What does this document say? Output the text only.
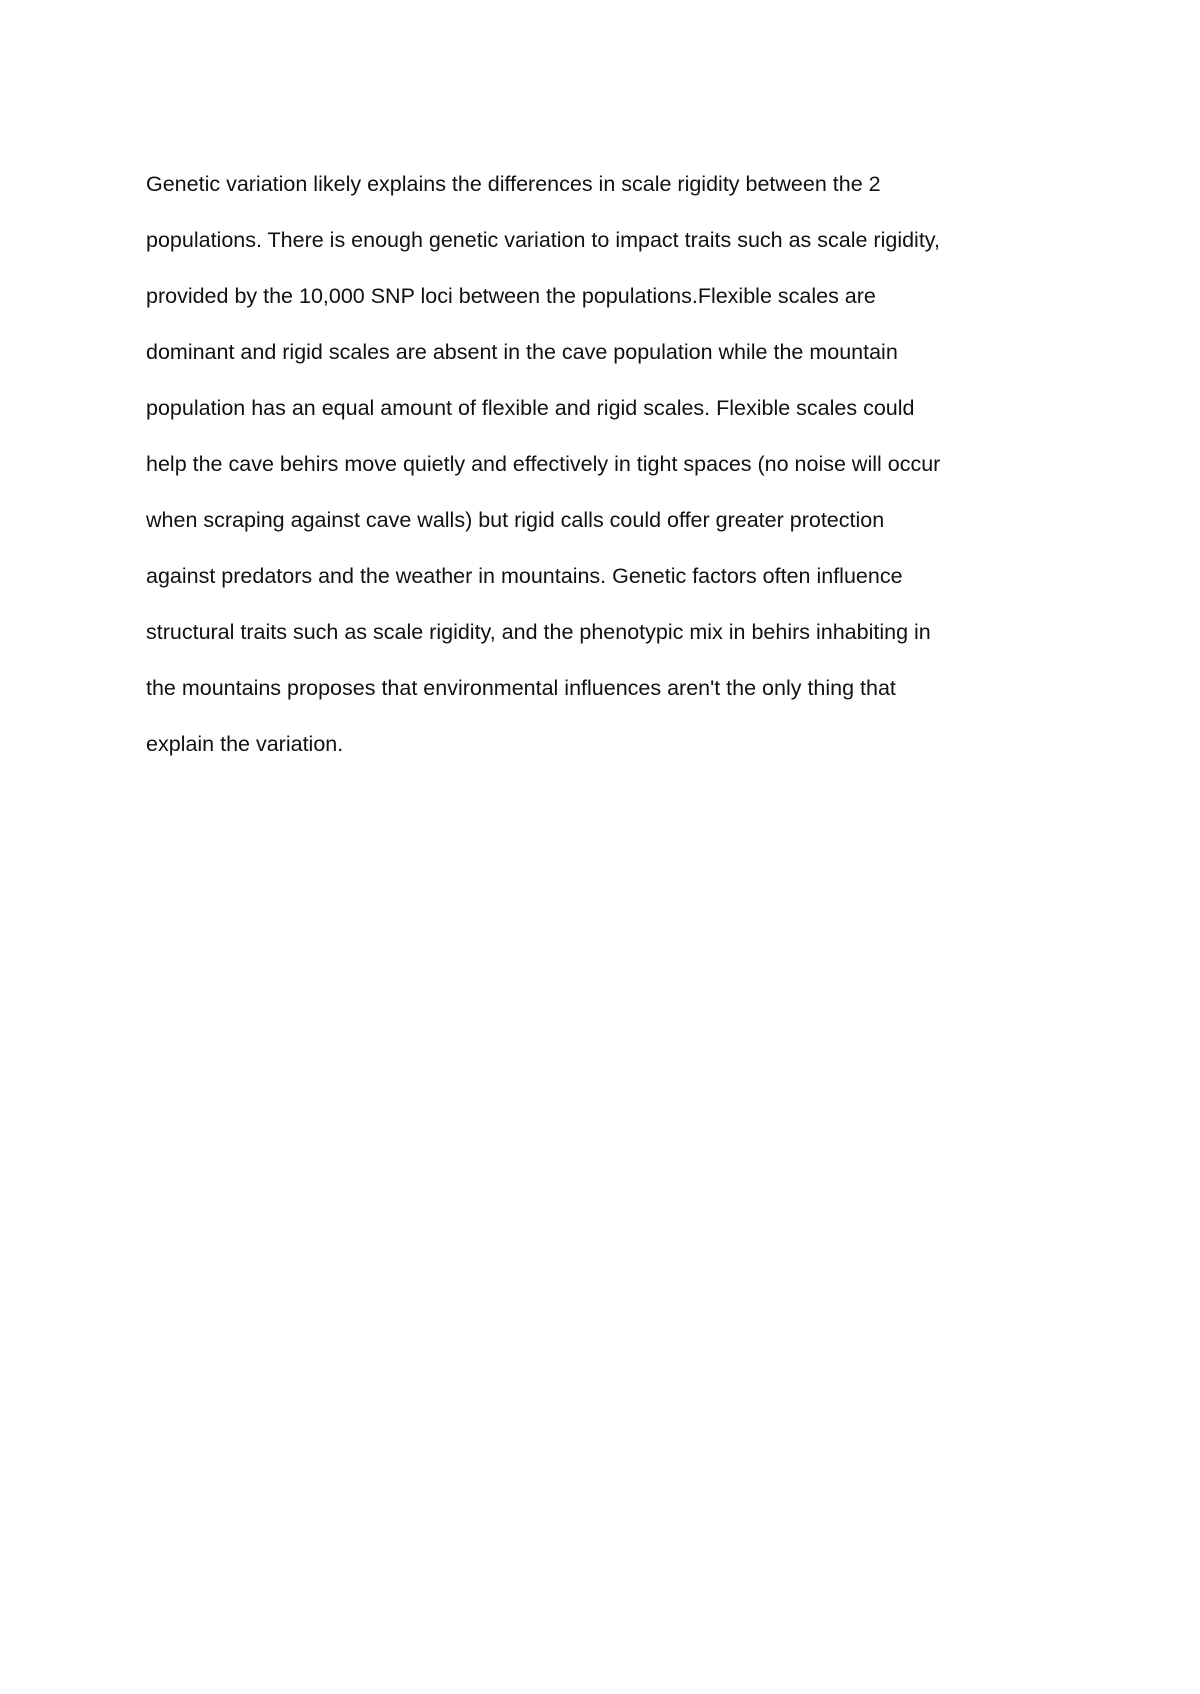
Genetic variation likely explains the differences in scale rigidity between the 2
populations. There is enough genetic variation to impact traits such as scale rigidity,
provided by the 10,000 SNP loci between the populations.Flexible scales are
dominant and rigid scales are absent in the cave population while the mountain
population has an equal amount of flexible and rigid scales. Flexible scales could
help the cave behirs move quietly and effectively in tight spaces (no noise will occur
when scraping against cave walls) but rigid calls could offer greater protection
against predators and the weather in mountains. Genetic factors often influence
structural traits such as scale rigidity, and the phenotypic mix in behirs inhabiting in
the mountains proposes that environmental influences aren't the only thing that
explain the variation.
